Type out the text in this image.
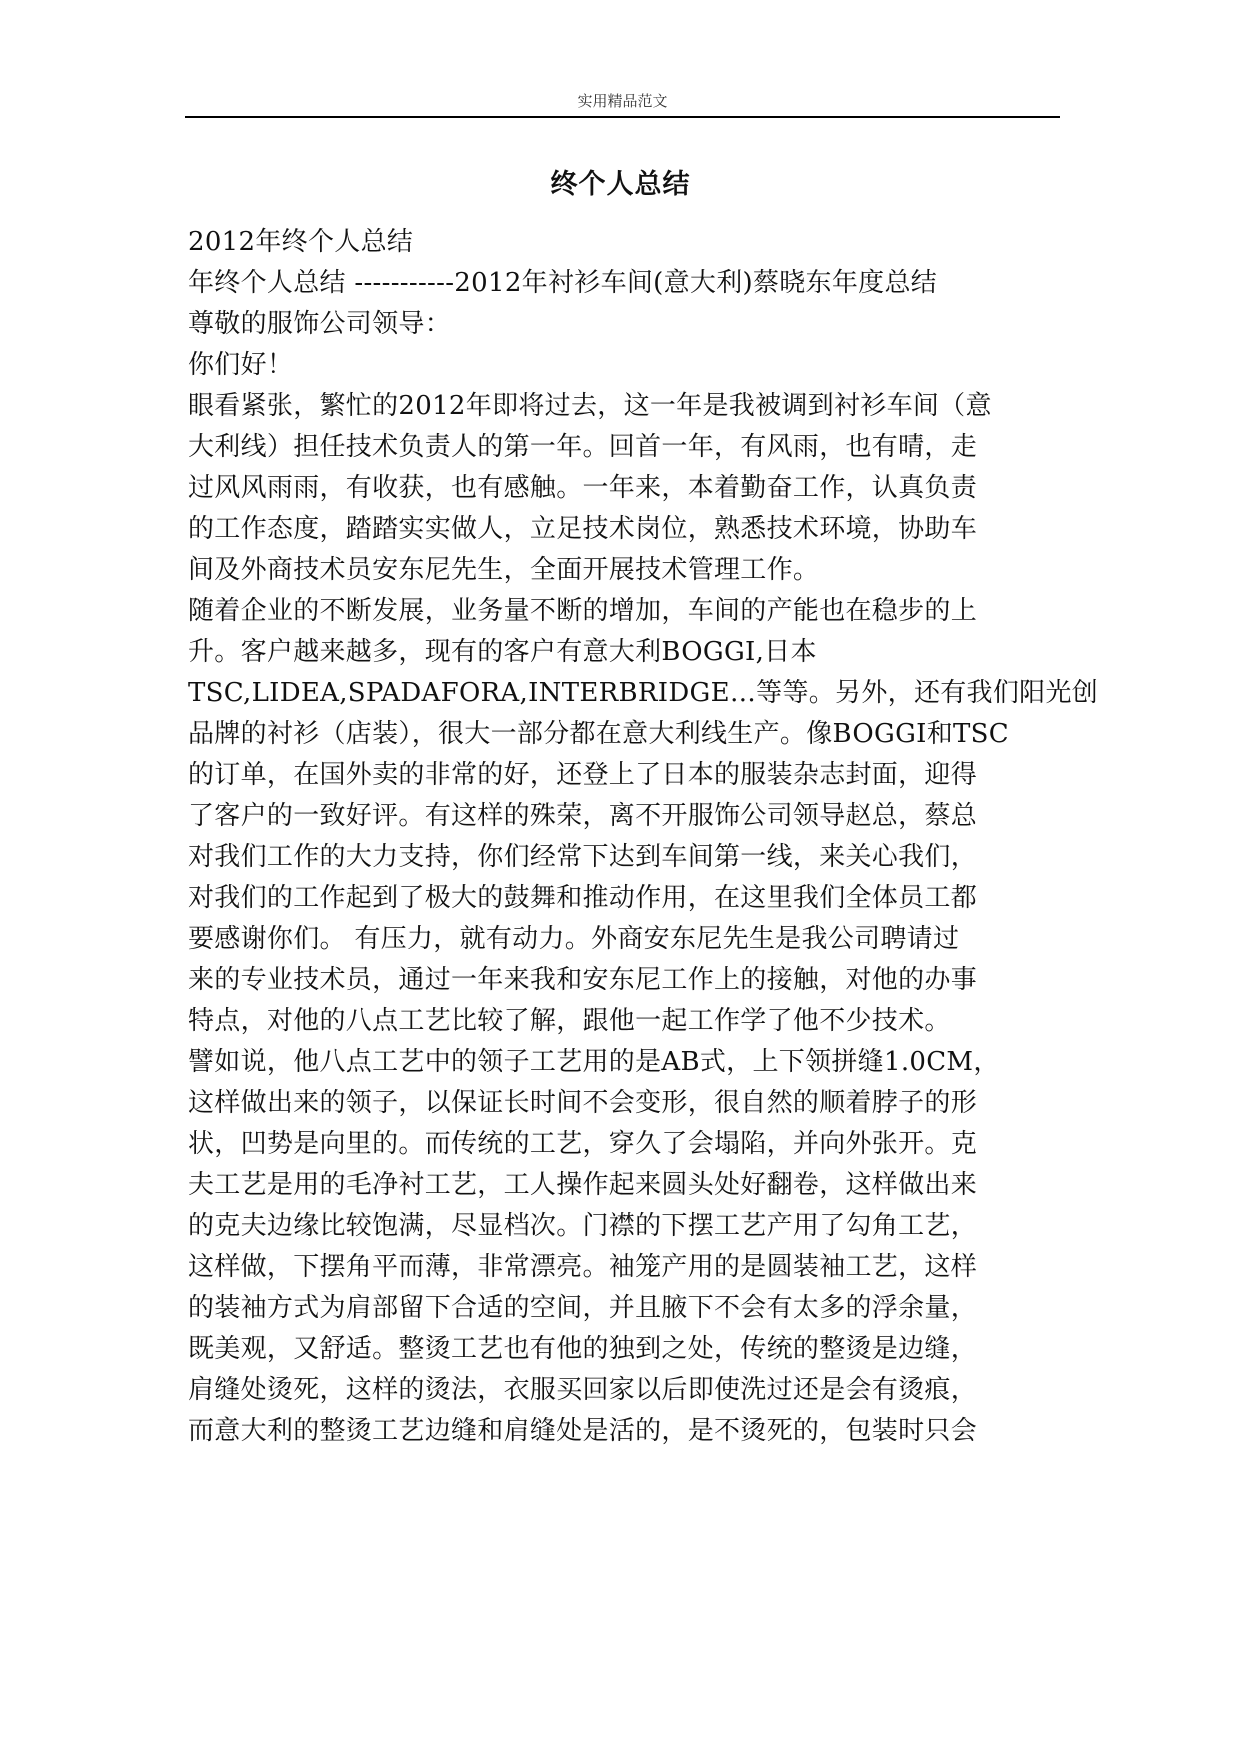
实用精品范文
终个人总结
2012年终个人总结
年终个人总结 -----------2012年衬衫车间(意大利)蔡晓东年度总结
尊敬的服饰公司领导：
你们好！
眼看紧张，繁忙的2012年即将过去，这一年是我被调到衬衫车间（意
大利线）担任技术负责人的第一年。回首一年，有风雨，也有晴，走
过风风雨雨，有收获，也有感触。一年来，本着勤奋工作，认真负责
的工作态度，踏踏实实做人，立足技术岗位，熟悉技术环境，协助车
间及外商技术员安东尼先生，全面开展技术管理工作。
随着企业的不断发展，业务量不断的增加，车间的产能也在稳步的上
升。客户越来越多，现有的客户有意大利BOGGI,日本
TSC,LIDEA,SPADAFORA,INTERBRIDGE…等等。另外，还有我们阳光创
品牌的衬衫（店装），很大一部分都在意大利线生产。像BOGGI和TSC
的订单，在国外卖的非常的好，还登上了日本的服装杂志封面，迎得
了客户的一致好评。有这样的殊荣，离不开服饰公司领导赵总，蔡总
对我们工作的大力支持，你们经常下达到车间第一线，来关心我们，
对我们的工作起到了极大的鼓舞和推动作用，在这里我们全体员工都
要感谢你们。 有压力，就有动力。外商安东尼先生是我公司聘请过
来的专业技术员，通过一年来我和安东尼工作上的接触，对他的办事
特点，对他的八点工艺比较了解，跟他一起工作学了他不少技术。
譬如说，他八点工艺中的领子工艺用的是AB式，上下领拼缝1.0CM，
这样做出来的领子，以保证长时间不会变形，很自然的顺着脖子的形
状，凹势是向里的。而传统的工艺，穿久了会塌陷，并向外张开。克
夫工艺是用的毛净衬工艺，工人操作起来圆头处好翻卷，这样做出来
的克夫边缘比较饱满，尽显档次。门襟的下摆工艺产用了勾角工艺，
这样做，下摆角平而薄，非常漂亮。袖笼产用的是圆装袖工艺，这样
的装袖方式为肩部留下合适的空间，并且腋下不会有太多的浮余量，
既美观，又舒适。整烫工艺也有他的独到之处，传统的整烫是边缝，
肩缝处烫死，这样的烫法，衣服买回家以后即使洗过还是会有烫痕，
而意大利的整烫工艺边缝和肩缝处是活的，是不烫死的，包装时只会
